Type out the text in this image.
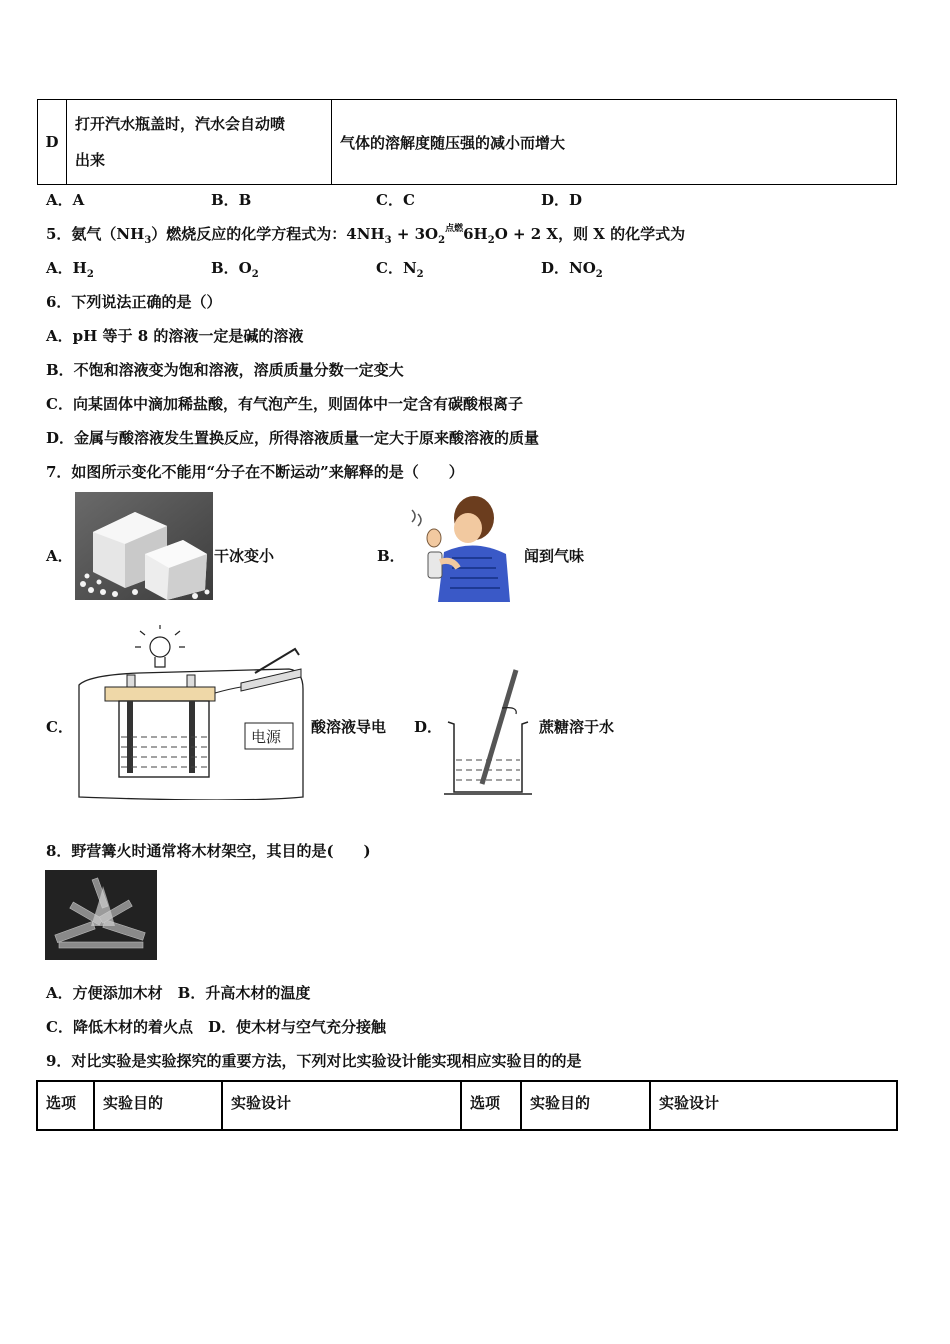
D	
打开汽水瓶盖时，汽水会自动喷
出来
	气体的溶解度随压强的减小而增大
A．A	B．B	C．C	D．D
5．氨气$(NH_3)$燃烧反应的化学方程式为：$4NH_3 + 3O_2^{点燃}6H_2O + 2$ X，则 X 的化学式为
A．$H_2$	B．$O_2$	C．$N_2$	D．$NO_2$
6．下列说法正确的是（）
A．pH 等于 8 的溶液一定是碱的溶液
B．不饱和溶液变为饱和溶液，溶质质量分数一定变大
C．向某固体中滴加稀盐酸，有气泡产生，则固体中一定含有碳酸根离子
D．金属与酸溶液发生置换反应，所得溶液质量一定大于原来酸溶液的质量
7．如图所示变化不能用“分子在不断运动”来解释的是（　　）
A．	干冰变小	B．	闻到气味
C．
电源
酸溶液导电 D．	蔗糖溶于水
8．野营篝火时通常将木材架空，其目的是(　　)
A．方便添加木材　B．升高木材的温度
C．降低木材的着火点　D．使木材与空气充分接触
9．对比实验是实验探究的重要方法，下列对比实验设计能实现相应实验目的的是
选项	实验目的	实验设计	选项	实验目的	实验设计
